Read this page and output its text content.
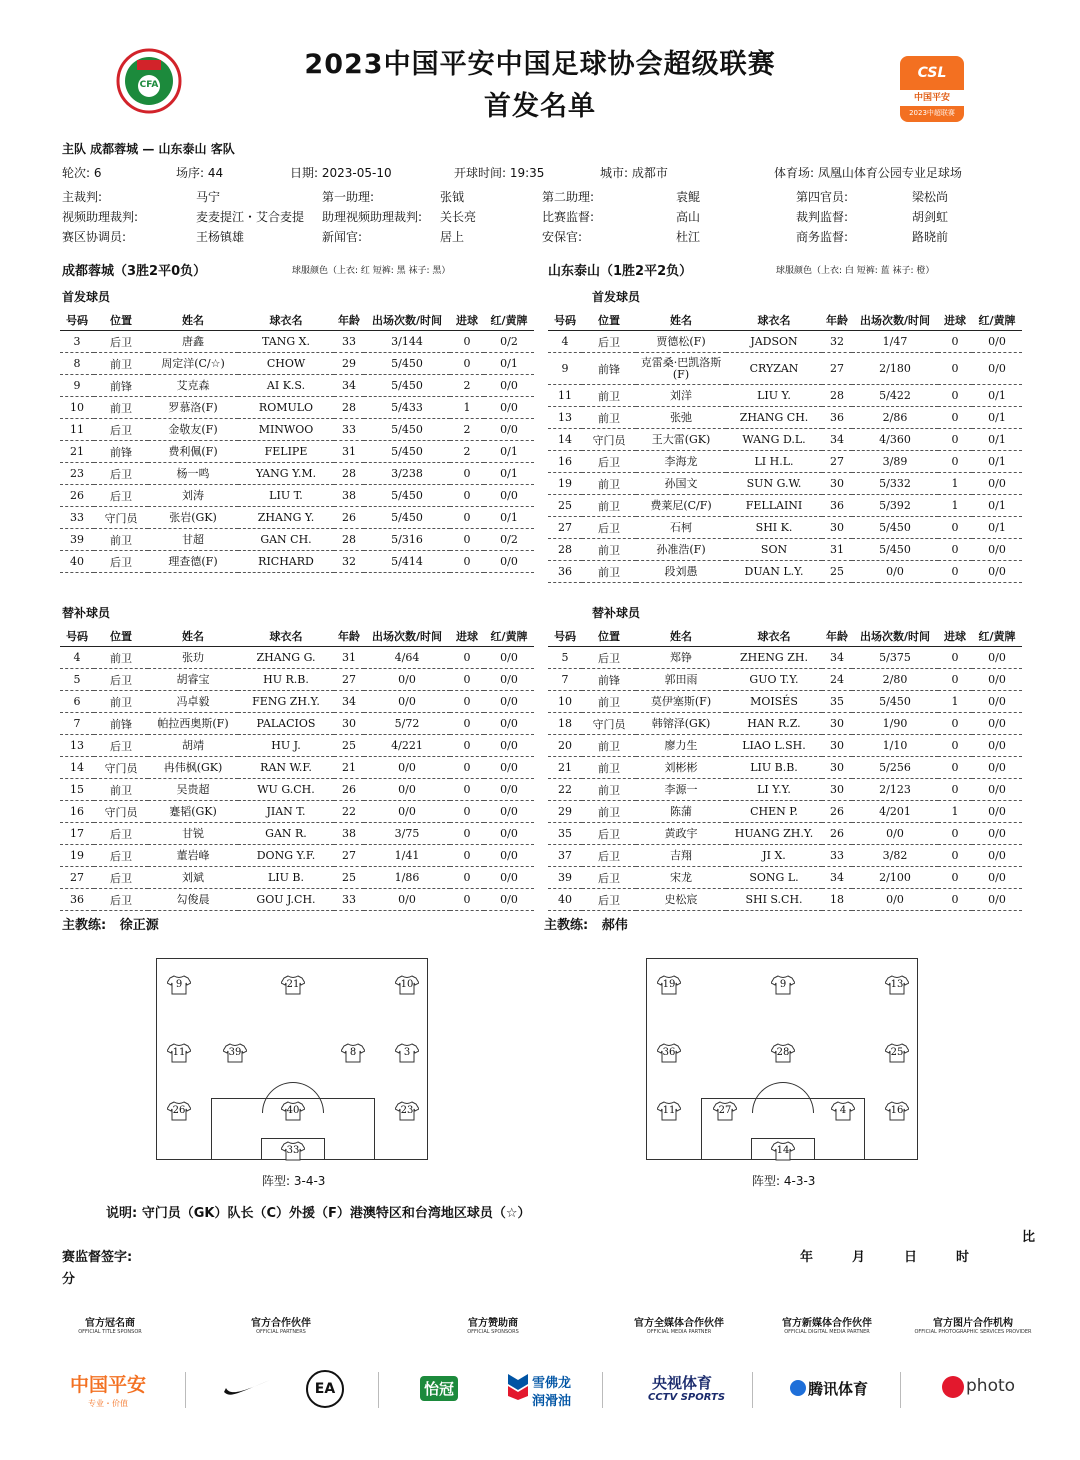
2023中国平安中国足球协会超级联赛
首发名单
CFA
CSL
中国平安
2023中超联赛
主队 成都蓉城 — 山东泰山 客队
轮次: 6	场序: 44	日期: 2023-05-10	开球时间: 19:35	城市: 成都市	体育场: 凤凰山体育公园专业足球场
主裁判:	马宁	第一助理:	张钺	第二助理:	袁鲲	第四官员:	梁松尚
视频助理裁判:	麦麦提江・艾合麦提 助理视频助理裁判: 关长亮	比赛监督:	高山	裁判监督:	胡剑虹
赛区协调员:	王杨镇雄	新闻官:	居上	安保官:	杜江	商务监督:	路晓前
成都蓉城（3胜2平0负）	球服颜色（上衣: 红 短裤: 黑 袜子: 黑）	山东泰山（1胜2平2负）	球服颜色（上衣: 白 短裤: 蓝 袜子: 橙）
首发球员	首发球员
号码	位置	姓名	球衣名	年龄	出场次数/时间	进球	红/黄牌
3	后卫	唐鑫	TANG X.	33	3/144	0	0/2
8	前卫	周定洋(C/☆)	CHOW	29	5/450	0	0/1
9	前锋	艾克森	AI K.S.	34	5/450	2	0/0
10	前卫	罗慕洛(F)	ROMULO	28	5/433	1	0/0
11	后卫	金敬友(F)	MINWOO	33	5/450	2	0/0
21	前锋	费利佩(F)	FELIPE	31	5/450	2	0/1
23	后卫	杨一鸣	YANG Y.M.	28	3/238	0	0/1
26	后卫	刘涛	LIU T.	38	5/450	0	0/0
33	守门员	张岩(GK)	ZHANG Y.	26	5/450	0	0/1
39	前卫	甘超	GAN CH.	28	5/316	0	0/2
40	后卫	理查德(F)	RICHARD	32	5/414	0	0/0
号码	位置	姓名	球衣名	年龄	出场次数/时间	进球	红/黄牌
4	后卫	贾德松(F)	JADSON	32	1/47	0	0/0
9	前锋	克雷桑·巴凯洛斯(F)	CRYZAN	27	2/180	0	0/0
11	前卫	刘洋	LIU Y.	28	5/422	0	0/1
13	前卫	张弛	ZHANG CH.	36	2/86	0	0/1
14	守门员	王大雷(GK)	WANG D.L.	34	4/360	0	0/1
16	后卫	李海龙	LI H.L.	27	3/89	0	0/1
19	前卫	孙国文	SUN G.W.	30	5/332	1	0/0
25	前卫	费莱尼(C/F)	FELLAINI	36	5/392	1	0/1
27	后卫	石柯	SHI K.	30	5/450	0	0/1
28	前卫	孙准浩(F)	SON	31	5/450	0	0/0
36	前卫	段刘愚	DUAN L.Y.	25	0/0	0	0/0
替补球员	替补球员
号码	位置	姓名	球衣名	年龄	出场次数/时间	进球	红/黄牌
4	前卫	张玏	ZHANG G.	31	4/64	0	0/0
5	后卫	胡睿宝	HU R.B.	27	0/0	0	0/0
6	前卫	冯卓毅	FENG ZH.Y.	34	0/0	0	0/0
7	前锋	帕拉西奥斯(F)	PALACIOS	30	5/72	0	0/0
13	后卫	胡靖	HU J.	25	4/221	0	0/0
14	守门员	冉伟枫(GK)	RAN W.F.	21	0/0	0	0/0
15	前卫	吴贵超	WU G.CH.	26	0/0	0	0/0
16	守门员	蹇韬(GK)	JIAN T.	22	0/0	0	0/0
17	后卫	甘锐	GAN R.	38	3/75	0	0/0
19	后卫	董岩峰	DONG Y.F.	27	1/41	0	0/0
27	后卫	刘斌	LIU B.	25	1/86	0	0/0
36	后卫	勾俊晨	GOU J.CH.	33	0/0	0	0/0
号码	位置	姓名	球衣名	年龄	出场次数/时间	进球	红/黄牌
5	后卫	郑铮	ZHENG ZH.	34	5/375	0	0/0
7	前锋	郭田雨	GUO T.Y.	24	2/80	0	0/0
10	前卫	莫伊塞斯(F)	MOISÉS	35	5/450	1	0/0
18	守门员	韩镕泽(GK)	HAN R.Z.	30	1/90	0	0/0
20	前卫	廖力生	LIAO L.SH.	30	1/10	0	0/0
21	前卫	刘彬彬	LIU B.B.	30	5/256	0	0/0
22	前卫	李源一	LI Y.Y.	30	2/123	0	0/0
29	前卫	陈蒲	CHEN P.	26	4/201	1	0/0
35	后卫	黄政宇	HUANG ZH.Y.	26	0/0	0	0/0
37	后卫	吉翔	JI X.	33	3/82	0	0/0
39	后卫	宋龙	SONG L.	34	2/100	0	0/0
40	后卫	史松宸	SHI S.CH.	18	0/0	0	0/0
主教练: 徐正源	主教练: 郝伟
9	21	10
11	39	8	3
26	40	23
33
19	9	13
36	28	25
11	27	4	16
14
阵型: 3-4-3	阵型: 4-3-3
说明: 守门员（GK）队长（C）外援（F）港澳特区和台湾地区球员（☆）
比
赛监督签字:	年	月	日	时
分
官方冠名商
OFFICIAL TITLE SPONSOR
官方合作伙伴
OFFICIAL PARTNERS
官方赞助商
OFFICIAL SPONSORS
官方全媒体合作伙伴
OFFICIAL MEDIA PARTNER
官方新媒体合作伙伴
OFFICIAL DIGITAL MEDIA PARTNER
官方图片合作机构
OFFICIAL PHOTOGRAPHIC SERVICES PROVIDER
中国平安
专业・价值
EA	怡冠	雪佛龙
润滑油
央视体育
CCTV SPORTS	腾讯体育	photo
